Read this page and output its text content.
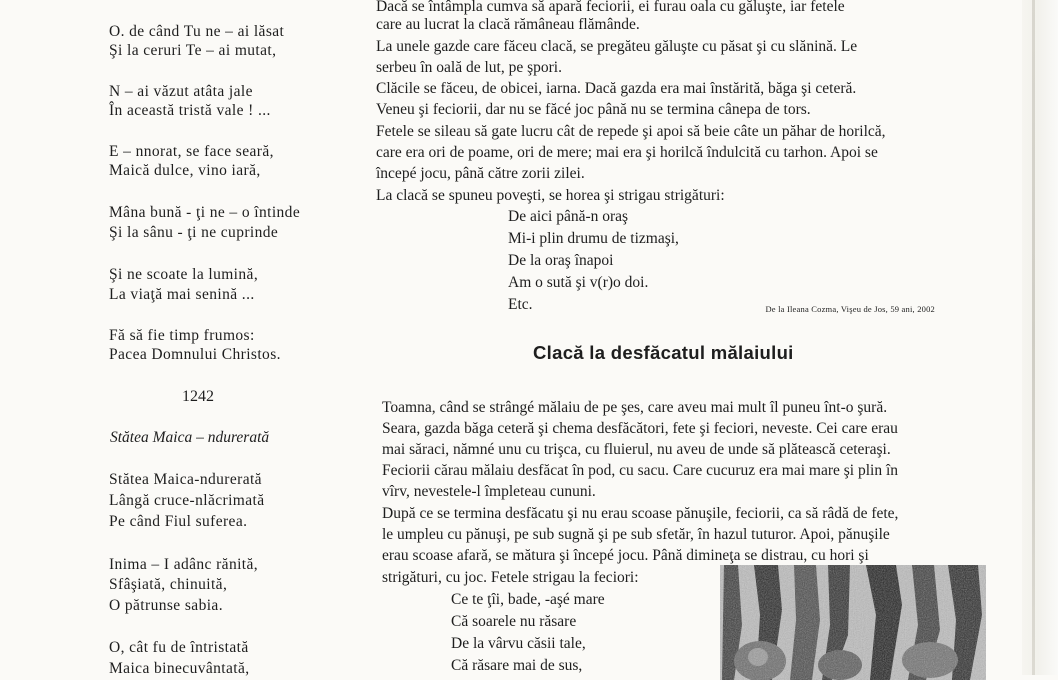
O. de când Tu ne – ai lăsat
Şi la ceruri Te – ai mutat,
N – ai văzut atâta jale
În această tristă vale ! ...
E – nnorat, se face seară,
Maică dulce, vino iară,
Mâna bună - ţi ne – o întinde
Şi la sânu - ţi ne cuprinde
Şi ne scoate la lumină,
La viaţă mai senină ...
Fă să fie timp frumos:
Pacea Domnului Christos.
1242
Stătea Maica – ndurerată
Stătea Maica-ndurerată
Lângă cruce-nlăcrimată
Pe când Fiul suferea.
Inima – I adânc rănită,
Sfâşiată, chinuită,
O pătrunse sabia.
O, cât fu de întristată
Maica binecuvântată,
Dacă se întâmpla cumva să apară feciorii, ei furau oala cu găluşte, iar fetele
care au lucrat la clacă rămâneau flămânde.
La unele gazde care făceu clacă, se pregăteu găluşte cu păsat şi cu slănină. Le
serbeu în oală de lut, pe şpori.
Clăcile se făceu, de obicei, iarna. Dacă gazda era mai înstărită, băga şi ceteră.
Veneu şi feciorii, dar nu se făcé joc până nu se termina cânepa de tors.
Fetele se sileau să gate lucru cât de repede şi apoi să beie câte un păhar de horilcă,
care era ori de poame, ori de mere; mai era şi horilcă îndulcită cu tarhon. Apoi se
începé jocu, până către zorii zilei.
La clacă se spuneu poveşti, se horea şi strigau strigături:
De aici până-n oraş
Mi-i plin drumu de tizmaşi,
De la oraş înapoi
Am o sută şi v(r)o doi.
Etc.	De la Ileana Cozma, Vişeu de Jos, 59 ani, 2002
Clacă la desfăcatul mălaiului
Toamna, când se strângé mălaiu de pe şes, care aveu mai mult îl puneu înt-o şură.
Seara, gazda băga ceteră şi chema desfăcători, fete şi feciori, neveste. Cei care erau
mai săraci, nămné unu cu trişca, cu fluierul, nu aveu de unde să plătească ceteraşi.
Feciorii cărau mălaiu desfăcat în pod, cu sacu. Care cucuruz era mai mare şi plin în
vîrv, nevestele-l împleteau cununi.
După ce se termina desfăcatu şi nu erau scoase pănuşile, feciorii, ca să râdă de fete,
le umpleu cu pănuşi, pe sub sugnă şi pe sub sfetăr, în hazul tuturor. Apoi, pănuşile
erau scoase afară, se mătura şi începé jocu. Până dimineţa se distrau, cu hori şi
strigături, cu joc. Fetele strigau la feciori:
Ce te ţîi, bade, -aşé mare
Că soarele nu răsare
De la vârvu căsii tale,
Că răsare mai de sus,
